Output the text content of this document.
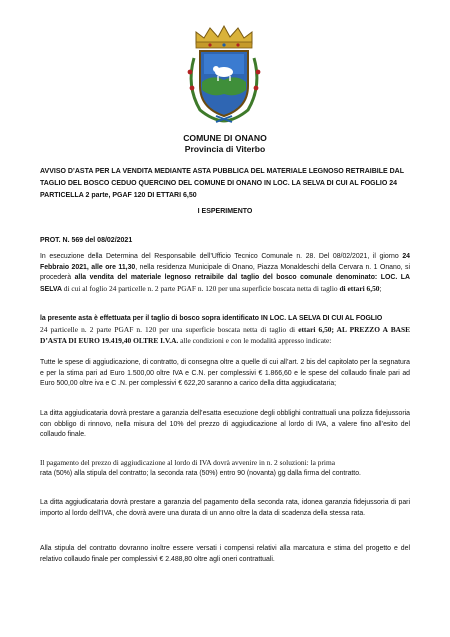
COMUNE DI ONANO
Provincia di Viterbo

AVVISO D’ASTA PER LA VENDITA MEDIANTE ASTA PUBBLICA DEL MATERIALE LEGNOSO RETRAIBILE DAL TAGLIO DEL BOSCO CEDUO QUERCINO DEL COMUNE DI ONANO IN LOC. LA SELVA DI CUI AL FOGLIO 24 PARTICELLA 2 parte, PGAF 120 DI ETTARI 6,50

I ESPERIMENTO
PROT. N. 569 del 08/02/2021

In esecuzione della Determina del Responsabile dell’Ufficio Tecnico Comunale n. 28. Del 08/02/2021, il giorno 24 Febbraio 2021, alle ore 11,30, nella residenza Municipale di Onano, Piazza Monaldeschi della Cervara n. 1 Onano, si procederà alla vendita del materiale legnoso retraibile dal taglio del bosco comunale denominato: LOC. LA SELVA di cui al foglio 24 particelle n. 2 parte PGAF n. 120 per una superficie boscata netta di taglio di ettari 6,50;

la presente asta è effettuata per il taglio di bosco sopra identificato IN LOC. LA SELVA DI CUI AL FOGLIO

24 particelle n. 2 parte PGAF n. 120 per una superficie boscata netta di taglio di ettari 6,50; AL PREZZO A BASE D’ASTA DI EURO 19.419,40 OLTRE I.V.A. alle condizioni e con le modalità appresso indicate:

Tutte le spese di aggiudicazione, di contratto, di consegna oltre a quelle di cui all’art. 2 bis del capitolato per la segnatura e per la stima pari ad Euro 1.500,00 oltre IVA e C.N. per complessivi € 1.866,60 e le spese del collaudo finale pari ad Euro 500,00 oltre iva e C .N. per complessivi € 622,20 saranno a carico della ditta aggiudicataria;

La ditta aggiudicataria dovrà prestare a garanzia dell’esatta esecuzione degli obblighi contrattuali una polizza fidejussoria con obbligo di rinnovo, nella misura del 10% del prezzo di aggiudicazione al lordo di IVA, a valere fino all’esito del collaudo finale.

Il pagamento del prezzo di aggiudicazione al lordo di IVA dovrà avvenire in n. 2 soluzioni: la prima

rata (50%) alla stipula del contratto; la seconda rata (50%) entro 90 (novanta) gg dalla firma del contratto.

La ditta aggiudicataria dovrà prestare a garanzia del pagamento della seconda rata, idonea garanzia fidejussoria di pari importo al lordo dell’IVA, che dovrà avere una durata di un anno oltre la data di scadenza della stessa rata.

Alla stipula del contratto dovranno inoltre essere versati i compensi relativi alla marcatura e stima del progetto e del relativo collaudo finale per complessivi € 2.488,80 oltre agli oneri contrattuali.
